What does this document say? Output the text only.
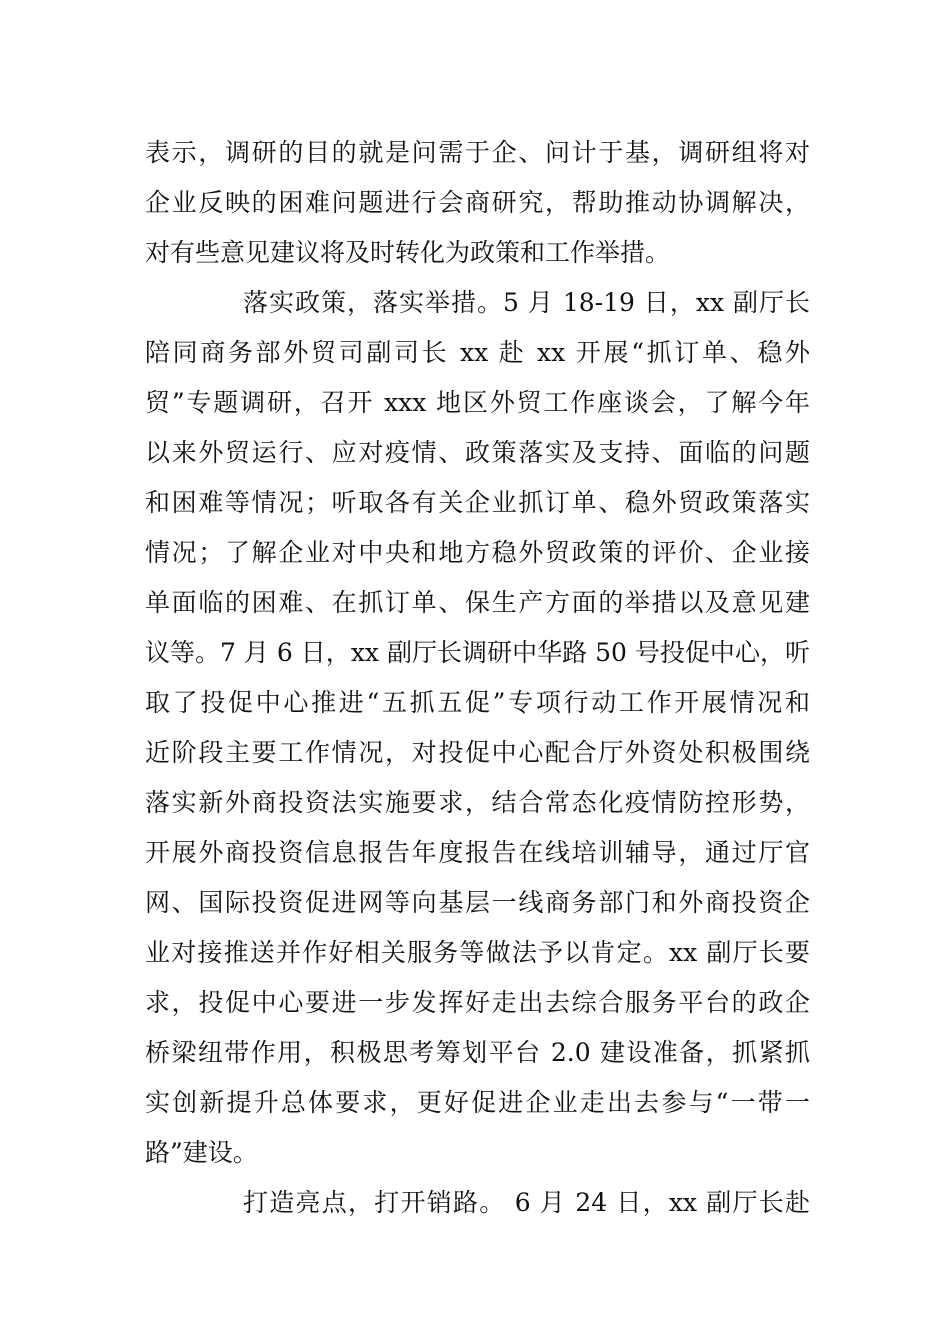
表示，调研的目的就是问需于企、问计于基，调研组将对
企业反映的困难问题进行会商研究，帮助推动协调解决，
对有些意见建议将及时转化为政策和工作举措。
落实政策，落实举措。5 月 18-19 日，xx 副厅长
陪同商务部外贸司副司长 xx 赴 xx 开展“抓订单、稳外
贸”专题调研，召开 xxx 地区外贸工作座谈会，了解今年
以来外贸运行、应对疫情、政策落实及支持、面临的问题
和困难等情况；听取各有关企业抓订单、稳外贸政策落实
情况；了解企业对中央和地方稳外贸政策的评价、企业接
单面临的困难、在抓订单、保生产方面的举措以及意见建
议等。7 月 6 日，xx 副厅长调研中华路 50 号投促中心，听
取了投促中心推进“五抓五促”专项行动工作开展情况和
近阶段主要工作情况，对投促中心配合厅外资处积极围绕
落实新外商投资法实施要求，结合常态化疫情防控形势，
开展外商投资信息报告年度报告在线培训辅导，通过厅官
网、国际投资促进网等向基层一线商务部门和外商投资企
业对接推送并作好相关服务等做法予以肯定。xx 副厅长要
求，投促中心要进一步发挥好走出去综合服务平台的政企
桥梁纽带作用，积极思考筹划平台 2.0 建设准备，抓紧抓
实创新提升总体要求，更好促进企业走出去参与“一带一
路”建设。
打造亮点，打开销路。 6 月 24 日，xx 副厅长赴
